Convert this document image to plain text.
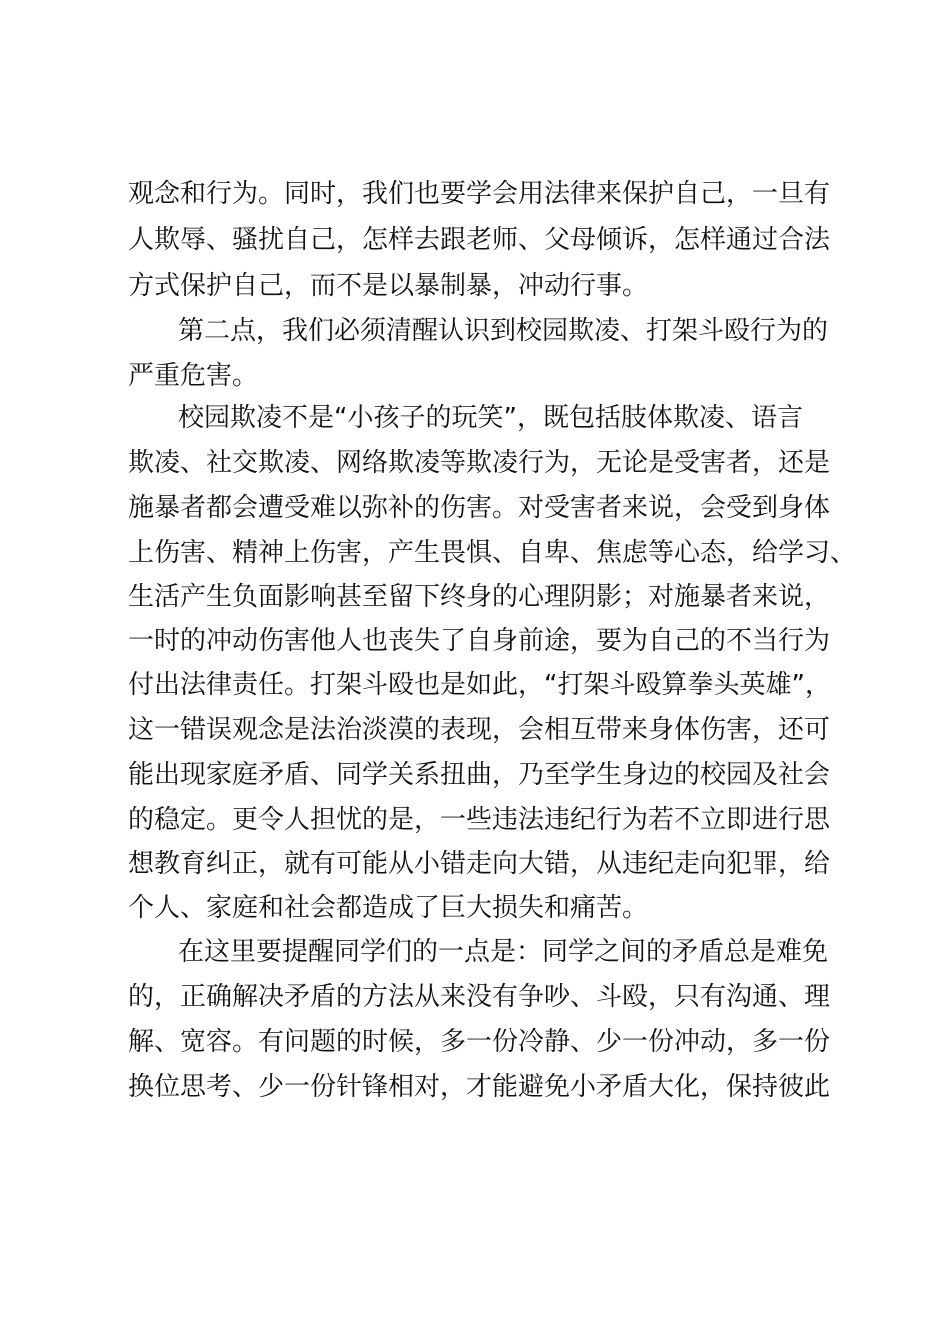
观念和行为。同时，我们也要学会用法律来保护自己，一旦有
人欺辱、骚扰自己，怎样去跟老师、父母倾诉，怎样通过合法
方式保护自己，而不是以暴制暴，冲动行事。
第二点，我们必须清醒认识到校园欺凌、打架斗殴行为的
严重危害。
校园欺凌不是“小孩子的玩笑”，既包括肢体欺凌、语言
欺凌、社交欺凌、网络欺凌等欺凌行为，无论是受害者，还是
施暴者都会遭受难以弥补的伤害。对受害者来说，会受到身体
上伤害、精神上伤害，产生畏惧、自卑、焦虑等心态，给学习、
生活产生负面影响甚至留下终身的心理阴影；对施暴者来说，
一时的冲动伤害他人也丧失了自身前途，要为自己的不当行为
付出法律责任。打架斗殴也是如此，“打架斗殴算拳头英雄”，
这一错误观念是法治淡漠的表现，会相互带来身体伤害，还可
能出现家庭矛盾、同学关系扭曲，乃至学生身边的校园及社会
的稳定。更令人担忧的是，一些违法违纪行为若不立即进行思
想教育纠正，就有可能从小错走向大错，从违纪走向犯罪，给
个人、家庭和社会都造成了巨大损失和痛苦。
在这里要提醒同学们的一点是：同学之间的矛盾总是难免
的，正确解决矛盾的方法从来没有争吵、斗殴，只有沟通、理
解、宽容。有问题的时候，多一份冷静、少一份冲动，多一份
换位思考、少一份针锋相对，才能避免小矛盾大化，保持彼此
